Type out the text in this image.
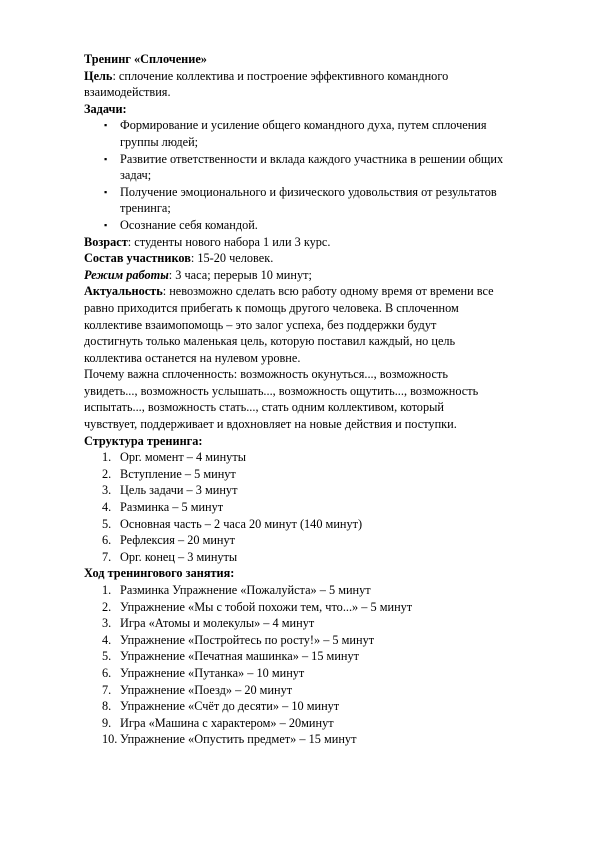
Тренинг «Сплочение»
Цель: сплочение коллектива и построение эффективного командного
взаимодействия.
Задачи:
▪ Формирование и усиление общего командного духа, путем сплочения
группы людей;
▪ Развитие ответственности и вклада каждого участника в решении общих
задач;
▪ Получение эмоционального и физического удовольствия от результатов
тренинга;
▪ Осознание себя командой.
Возраст: студенты нового набора 1 или 3 курс.
Состав участников: 15-20 человек.
Режим работы: 3 часа; перерыв 10 минут;
Актуальность: невозможно сделать всю работу одному время от времени все
равно приходится прибегать к помощь другого человека. В сплоченном
коллективе взаимопомощь – это залог успеха, без поддержки будут
достигнуть только маленькая цель, которую поставил каждый, но цель
коллектива останется на нулевом уровне.
Почему важна сплоченность: возможность окунуться..., возможность
увидеть..., возможность услышать..., возможность ощутить..., возможность
испытать..., возможность стать..., стать одним коллективом, который
чувствует, поддерживает и вдохновляет на новые действия и поступки.
Структура тренинга:
1. Орг. момент – 4 минуты
2. Вступление – 5 минут
3. Цель задачи – 3 минут
4. Разминка – 5 минут
5. Основная часть – 2 часа 20 минут (140 минут)
6. Рефлексия – 20 минут
7. Орг. конец – 3 минуты
Ход тренингового занятия:
1. Разминка Упражнение «Пожалуйста» – 5 минут
2. Упражнение «Мы с тобой похожи тем, что...» – 5 минут
3. Игра «Атомы и молекулы» – 4 минут
4. Упражнение «Постройтесь по росту!» – 5 минут
5. Упражнение «Печатная машинка» – 15 минут
6. Упражнение «Путанка» – 10 минут
7. Упражнение «Поезд» – 20 минут
8. Упражнение «Счёт до десяти» – 10 минут
9. Игра «Машина с характером» – 20минут
10. Упражнение «Опустить предмет» – 15 минут
